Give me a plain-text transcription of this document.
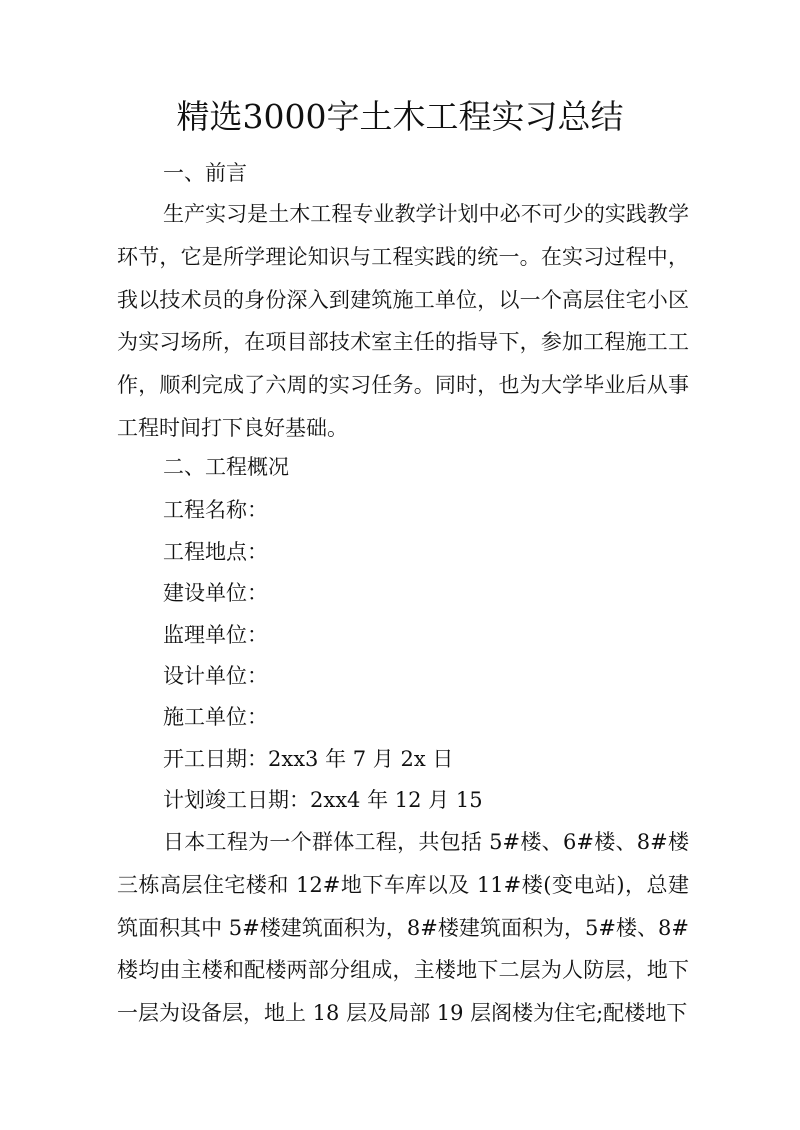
精选3000字土木工程实习总结

一、前言

生产实习是土木工程专业教学计划中必不可少的实践教学环节，它是所学理论知识与工程实践的统一。在实习过程中，我以技术员的身份深入到建筑施工单位，以一个高层住宅小区为实习场所，在项目部技术室主任的指导下，参加工程施工工作，顺利完成了六周的实习任务。同时，也为大学毕业后从事工程时间打下良好基础。

二、工程概况

工程名称：

工程地点：

建设单位：

监理单位：

设计单位：

施工单位：

开工日期：2xx3 年 7 月 2x 日

计划竣工日期：2xx4 年 12 月 15

日本工程为一个群体工程，共包括 5#楼、6#楼、8#楼三栋高层住宅楼和 12#地下车库以及 11#楼(变电站)，总建筑面积其中 5#楼建筑面积为，8#楼建筑面积为，5#楼、8#楼均由主楼和配楼两部分组成，主楼地下二层为人防层，地下一层为设备层，地上 18 层及局部 19 层阁楼为住宅;配楼地下
